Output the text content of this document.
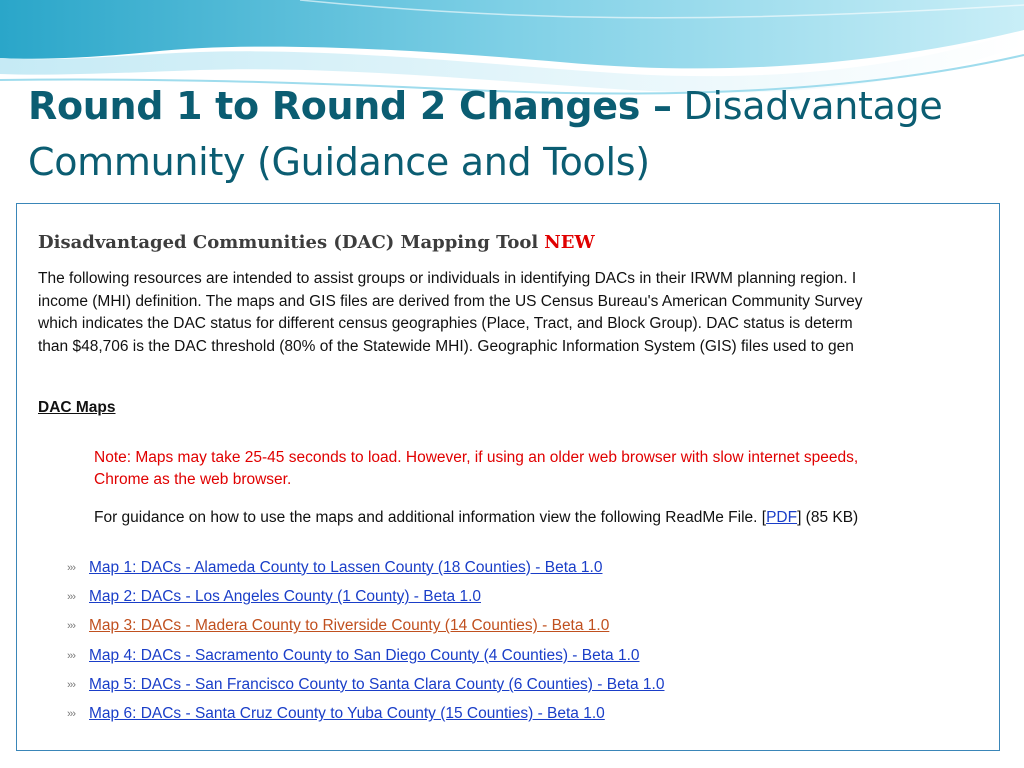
Round 1 to Round 2 Changes – Disadvantage Community (Guidance and Tools)
Disadvantaged Communities (DAC) Mapping Tool NEW
The following resources are intended to assist groups or individuals in identifying DACs in their IRWM planning region. I
income (MHI) definition. The maps and GIS files are derived from the US Census Bureau's American Community Survey
which indicates the DAC status for different census geographies (Place, Tract, and Block Group). DAC status is determ
than $48,706 is the DAC threshold (80% of the Statewide MHI). Geographic Information System (GIS) files used to gen
DAC Maps
Note: Maps may take 25-45 seconds to load. However, if using an older web browser with slow internet speeds,
Chrome as the web browser.
For guidance on how to use the maps and additional information view the following ReadMe File. [PDF] (85 KB)
››› Map 1: DACs - Alameda County to Lassen County (18 Counties) - Beta 1.0
››› Map 2: DACs - Los Angeles County (1 County) - Beta 1.0
››› Map 3: DACs - Madera County to Riverside County (14 Counties) - Beta 1.0
››› Map 4: DACs - Sacramento County to San Diego County (4 Counties) - Beta 1.0
››› Map 5: DACs - San Francisco County to Santa Clara County (6 Counties) - Beta 1.0
››› Map 6: DACs - Santa Cruz County to Yuba County (15 Counties) - Beta 1.0
